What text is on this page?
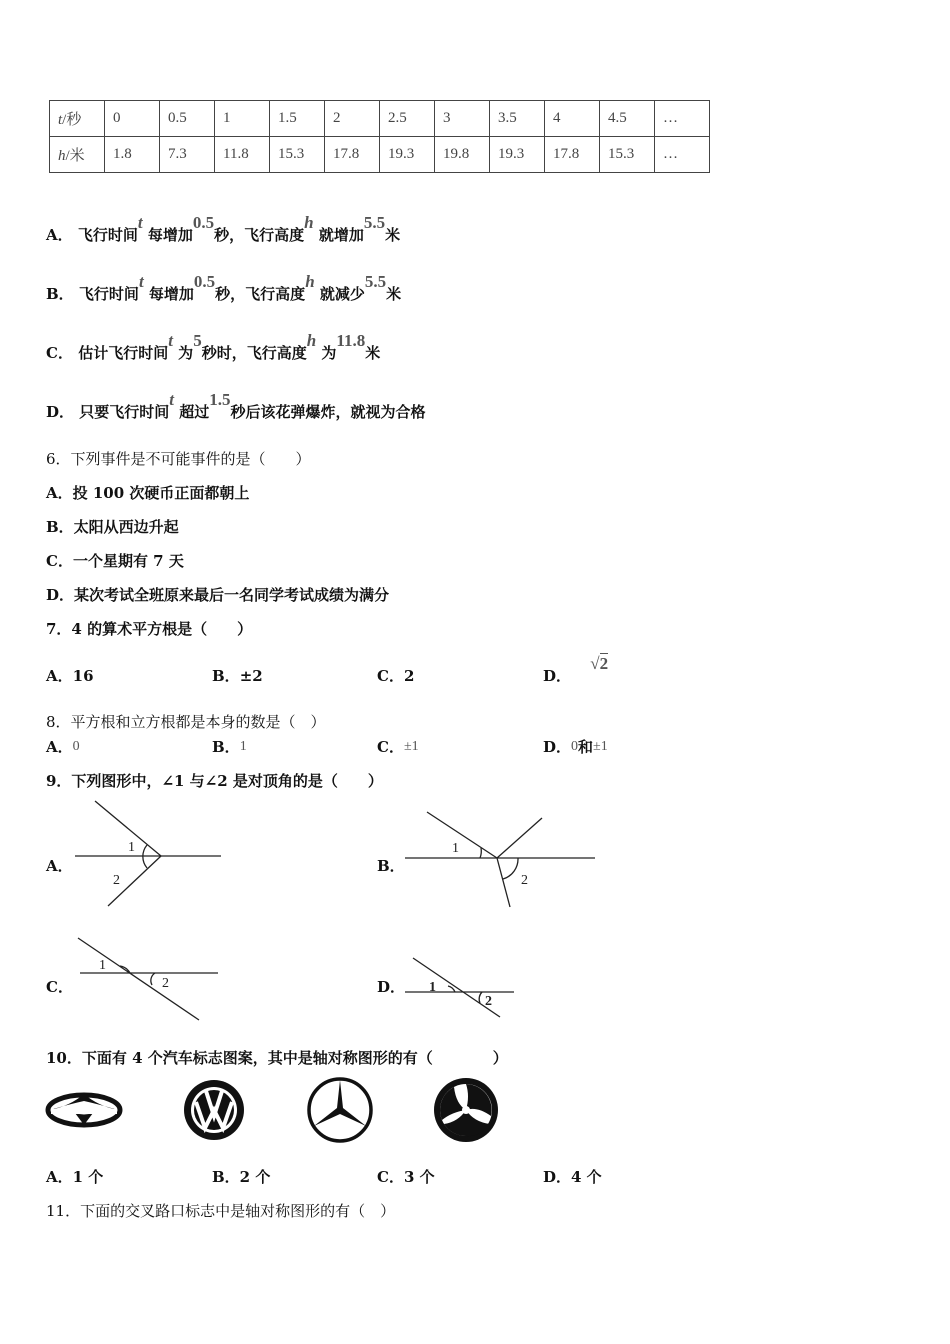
t/秒	0	0.5	1	1.5	2	2.5	3	3.5	4	4.5	…
h/米	1.8	7.3	11.8	15.3	17.8	19.3	19.8	19.3	17.8	15.3	…
A． 飞行时间t 每增加0.5秒，飞行高度h 就增加5.5米
B． 飞行时间t 每增加0.5秒，飞行高度h 就减少5.5米
C． 估计飞行时间t 为5秒时，飞行高度h 为11.8米
D． 只要飞行时间t 超过1.5秒后该花弹爆炸，就视为合格
6．下列事件是不可能事件的是（　　）
A．投 100 次硬币正面都朝上
B．太阳从西边升起
C．一个星期有 7 天
D．某次考试全班原来最后一名同学考试成绩为满分
7．4 的算术平方根是（　　）
A．16	B．±2	C．2	D． √2
8．平方根和立方根都是本身的数是（　）
A．0	B．1	C．±1	D．0和±1
9．下列图形中，∠1 与∠2 是对顶角的是（　　）
A．
1
2
B．
1
2
C．
1
2	D． 1
2
10．下面有 4 个汽车标志图案，其中是轴对称图形的有（　　　　）
A．1 个	B．2 个	C．3 个	D．4 个
11．下面的交叉路口标志中是轴对称图形的有（　）
